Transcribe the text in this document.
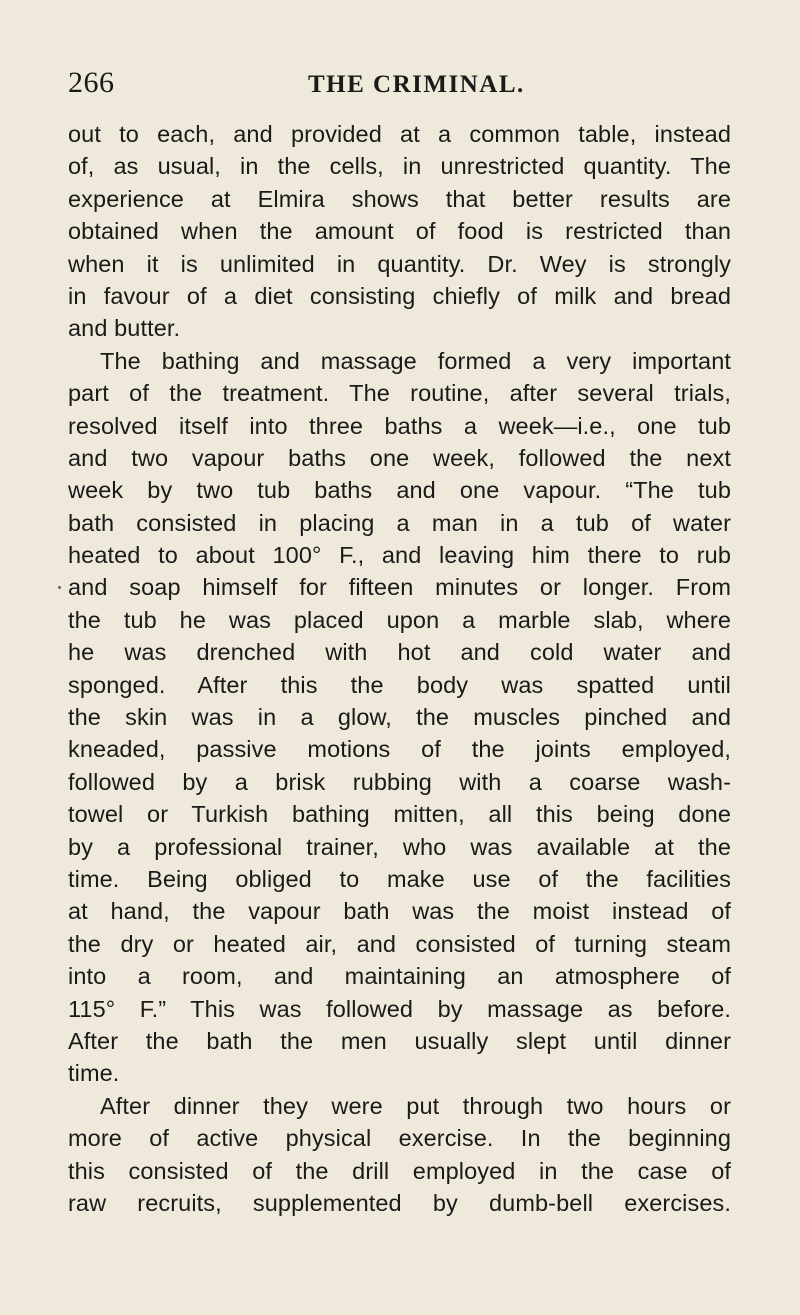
266	THE CRIMINAL.
out to each, and provided at a common table, instead
of, as usual, in the cells, in unrestricted quantity. The
experience at Elmira shows that better results are
obtained when the amount of food is restricted than
when it is unlimited in quantity. Dr. Wey is strongly
in favour of a diet consisting chiefly of milk and bread
and butter.
The bathing and massage formed a very important
part of the treatment. The routine, after several trials,
resolved itself into three baths a week—i.e., one tub
and two vapour baths one week, followed the next
week by two tub baths and one vapour. “The tub
bath consisted in placing a man in a tub of water
heated to about 100° F., and leaving him there to rub
and soap himself for fifteen minutes or longer. From
the tub he was placed upon a marble slab, where
he was drenched with hot and cold water and
sponged. After this the body was spatted until
the skin was in a glow, the muscles pinched and
kneaded, passive motions of the joints employed,
followed by a brisk rubbing with a coarse wash-
towel or Turkish bathing mitten, all this being done
by a professional trainer, who was available at the
time. Being obliged to make use of the facilities
at hand, the vapour bath was the moist instead of
the dry or heated air, and consisted of turning steam
into a room, and maintaining an atmosphere of
115° F.” This was followed by massage as before.
After the bath the men usually slept until dinner
time.
After dinner they were put through two hours or
more of active physical exercise. In the beginning
this consisted of the drill employed in the case of
raw recruits, supplemented by dumb-bell exercises.
